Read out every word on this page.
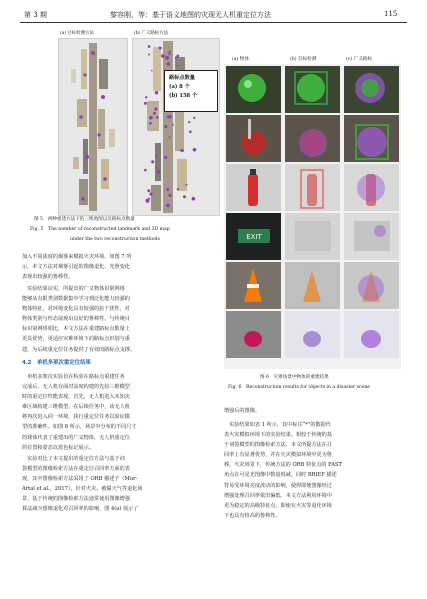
第 3 期	黎容刚，等：基于语义地图的灾现无人机重定位方法	115
(a) 目标检测方法	(b) 广义路标方法
路标点数量
(a) 8 个
(b) 158 个
图 5　两种重建方法下的三维地图以及路标点数量
Fig. 5　The number of reconstructed landmark and 3D map
under the two reconstruction methods
加入不同浓度的烟雾来模拟火灾环境。如图 7 所
示，本文方法对烟雾引起的图像退化、光照变化
表现出较强的鲁棒性。
　实验结果证实，所提出的广义物体识别网络
能够从有限类别数据集中学习到泛化能力较强的
物体特征，对环境变化具有较强的抗干扰性，对
物体类别与形态展现出良好的鲁棒性。与传统目
标识别网络相比，本文方法在重建路标点数量上
更具优势，更适应灾难环境下的路标点识别与重
建，为后续重定位任务提供了有效的路标点支撑。
4.2　单机多架次重定位结果
　单机多架次实验旨在检验在路标点重建任务
完成后，无人机在面对高度构建的先验三维模型
时的重定位性能表现。首先，无人机进入未知灾
难区域构建三维模型。在后续任务中，该无人机
将再次进入同一环境，执行重定位任务以验证模
型的准确性。如图 8 所示，场景中分布的不同尺寸
的球体代表了重建出的广义物体，无人机重定位
的位置和姿态以蓝色标记展示。
　实验对比了本文提出的重定位方法与基于词
袋模型的图像检索方法在重定位召回率方面的表
现，其中图像检索方法采用了 ORB 描述子（Mur-
Artal et al.，2017）。针对火灾、被爆天气等退化场
景，基于传统的图像检索方法通常使用图像增强
算法减少图像退化对召回率的影响，图 4(a) 展示了
(a) 物体	(b) 目标检测	(c) 广义路标
EXIT
图 6　灾难场景中物体的重建结果
Fig. 6　Reconstruction results for objects in a disaster scene
增强后的图像。
　实验结果如表 1 所示，其中标注“*”的数据代
表火灾模拟环境下的实验结果。相较于传统的基
于词袋模型的图像检索方法，本文所提方法在召
回率上有显著优势，并在火灾模拟环境中更为鲁
棒。火灾场景下，传统方法的 ORB 特征点的 FAST
角点在可见光图像中数量锐减，同时 BRIEF 描述
符易受环境亮度波动的影响，使得即便图像经过
增强处理召回率依旧偏低。本文方法利用环境中
更为稳定的高级特征点，即使在火灾等退化环境
下也具有较高的鲁棒性。
